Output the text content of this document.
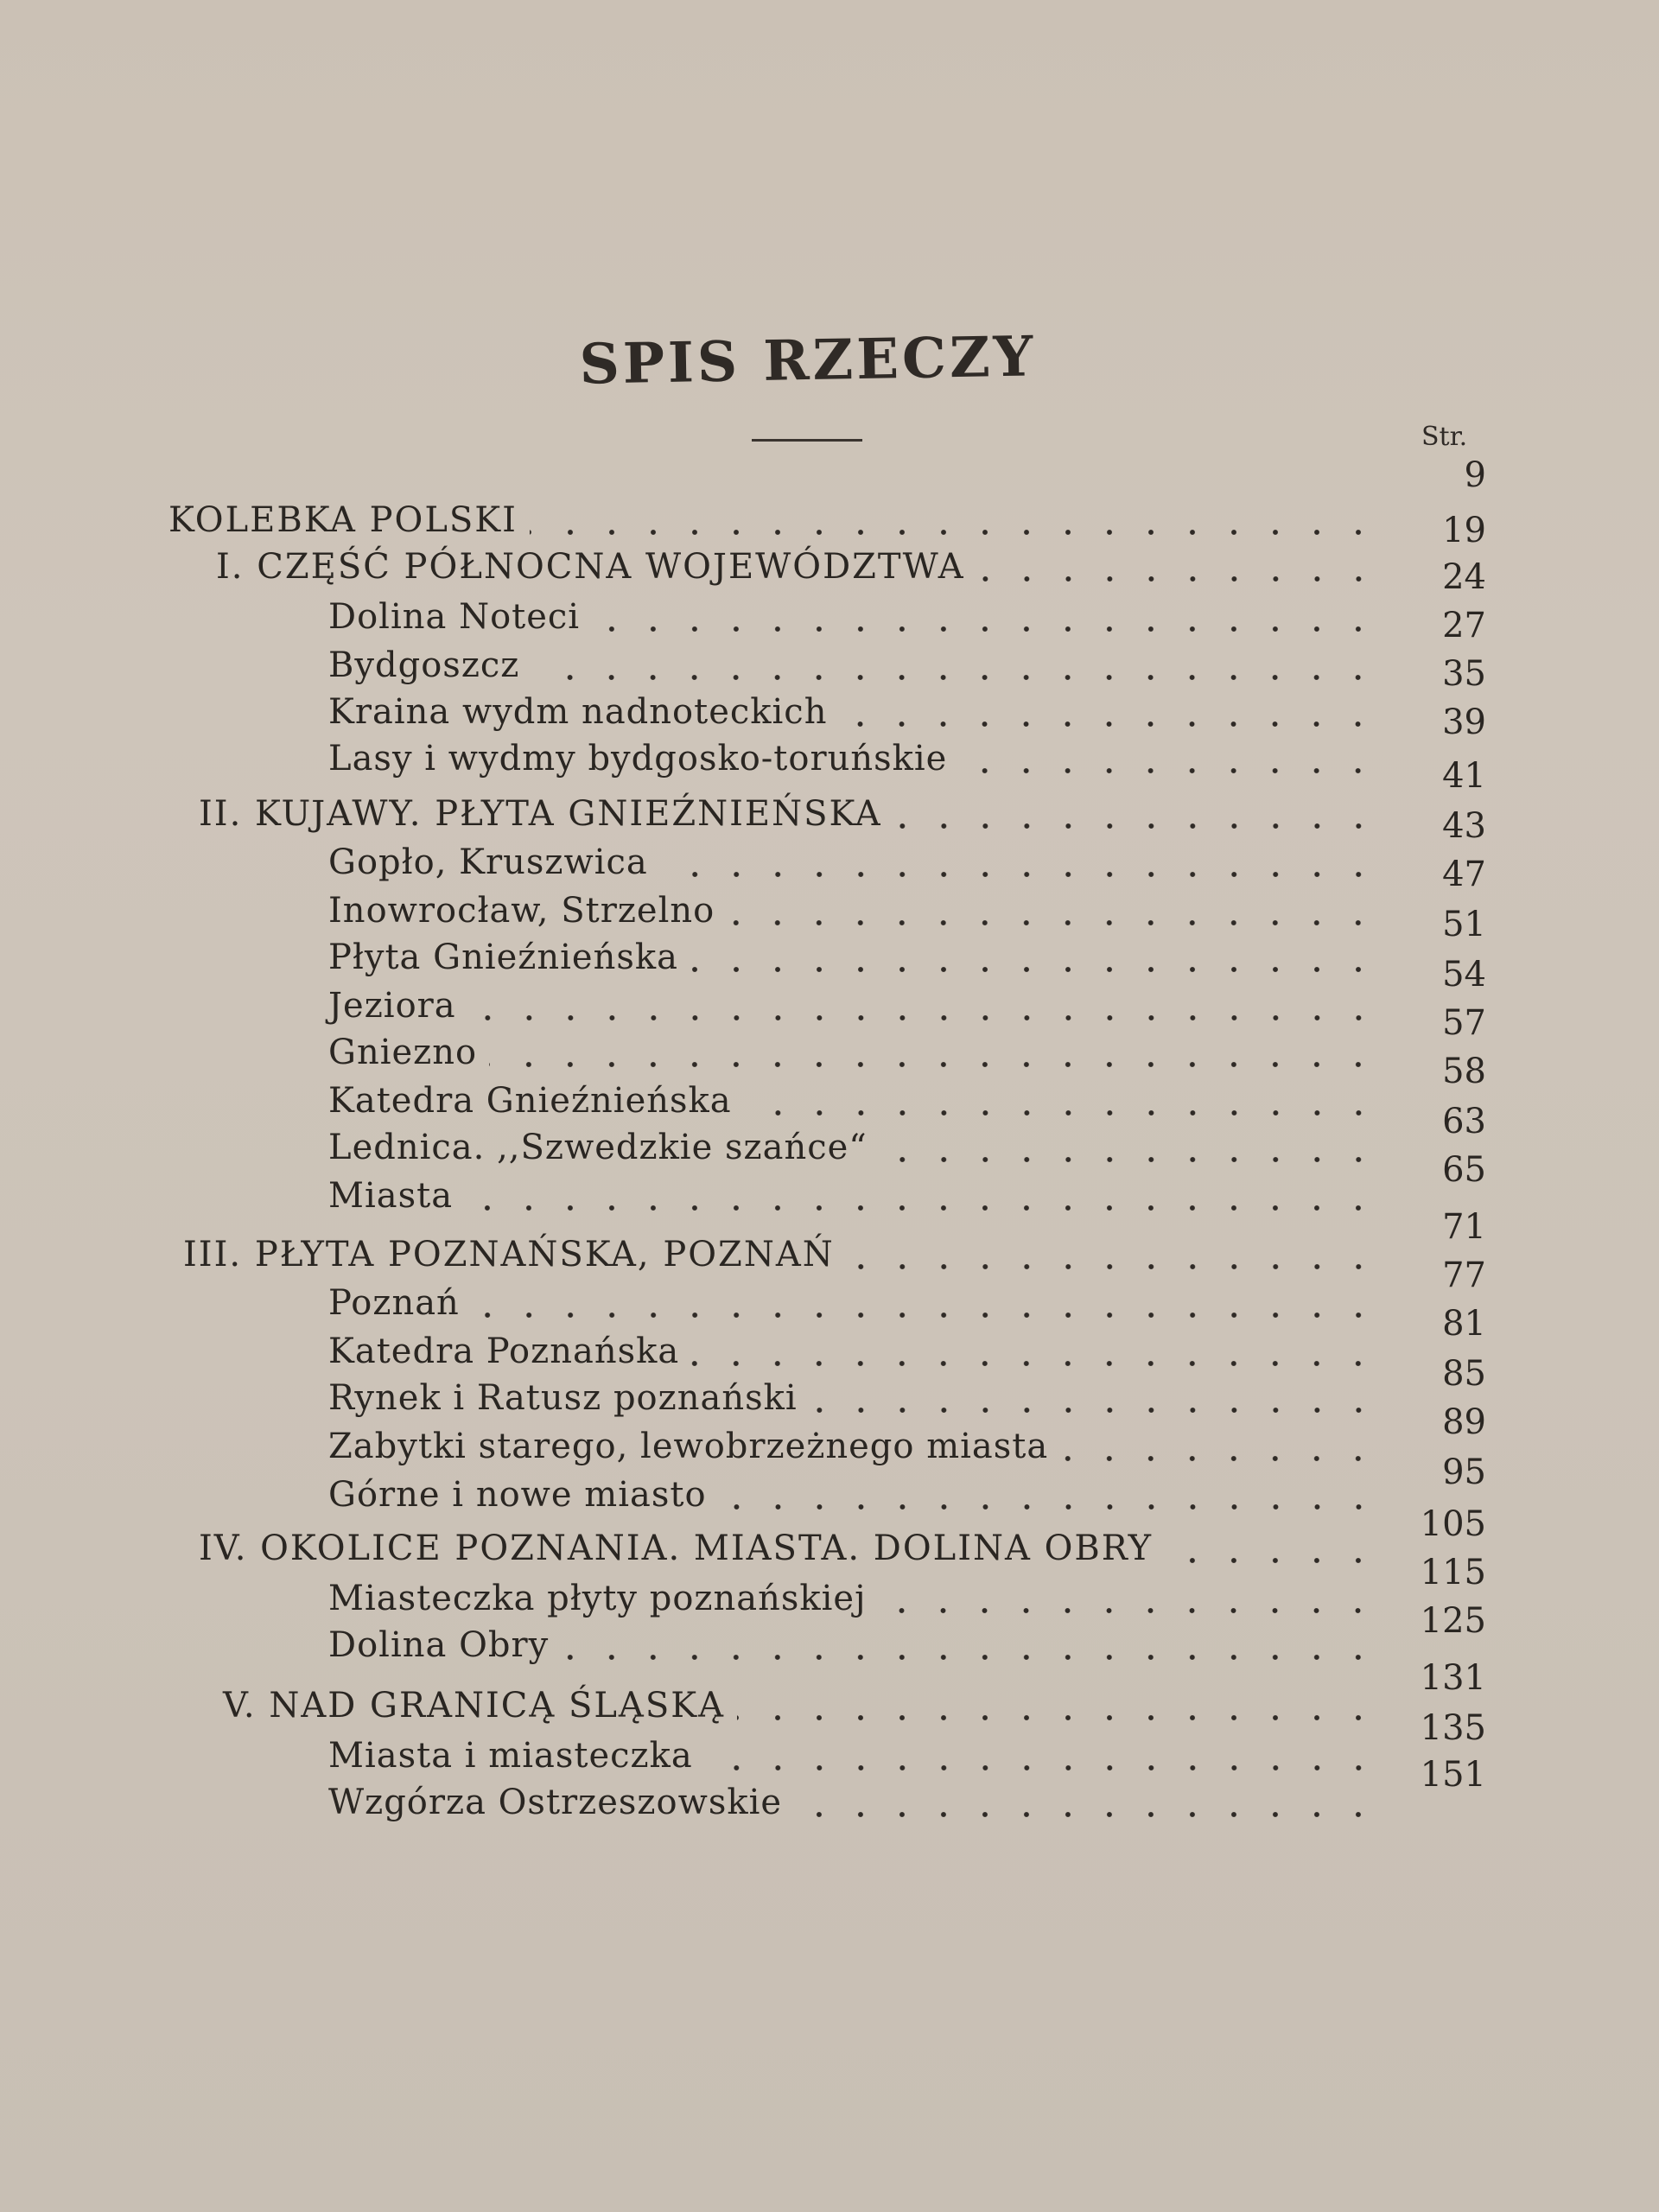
SPIS RZECZY
Str.
KOLEBKA POLSKI
9
I. CZĘŚĆ PÓŁNOCNA WOJEWÓDZTWA
19
Dolina Noteci
24
Bydgoszcz
27
Kraina wydm nadnoteckich
35
Lasy i wydmy bydgosko-toruńskie
39
II. KUJAWY. PŁYTA GNIEŹNIEŃSKA
41
Gopło, Kruszwica
43
Inowrocław, Strzelno
47
Płyta Gnieźnieńska
51
Jeziora
54
Gniezno
57
Katedra Gnieźnieńska
58
Lednica. ,,Szwedzkie szańce“
63
Miasta
65
III. PŁYTA POZNAŃSKA, POZNAŃ
71
Poznań
77
Katedra Poznańska
81
Rynek i Ratusz poznański
85
Zabytki starego, lewobrzeżnego miasta
89
Górne i nowe miasto
95
IV. OKOLICE POZNANIA. MIASTA. DOLINA OBRY
105
Miasteczka płyty poznańskiej
115
Dolina Obry
125
V. NAD GRANICĄ ŚLĄSKĄ
131
Miasta i miasteczka
135
Wzgórza Ostrzeszowskie
151
